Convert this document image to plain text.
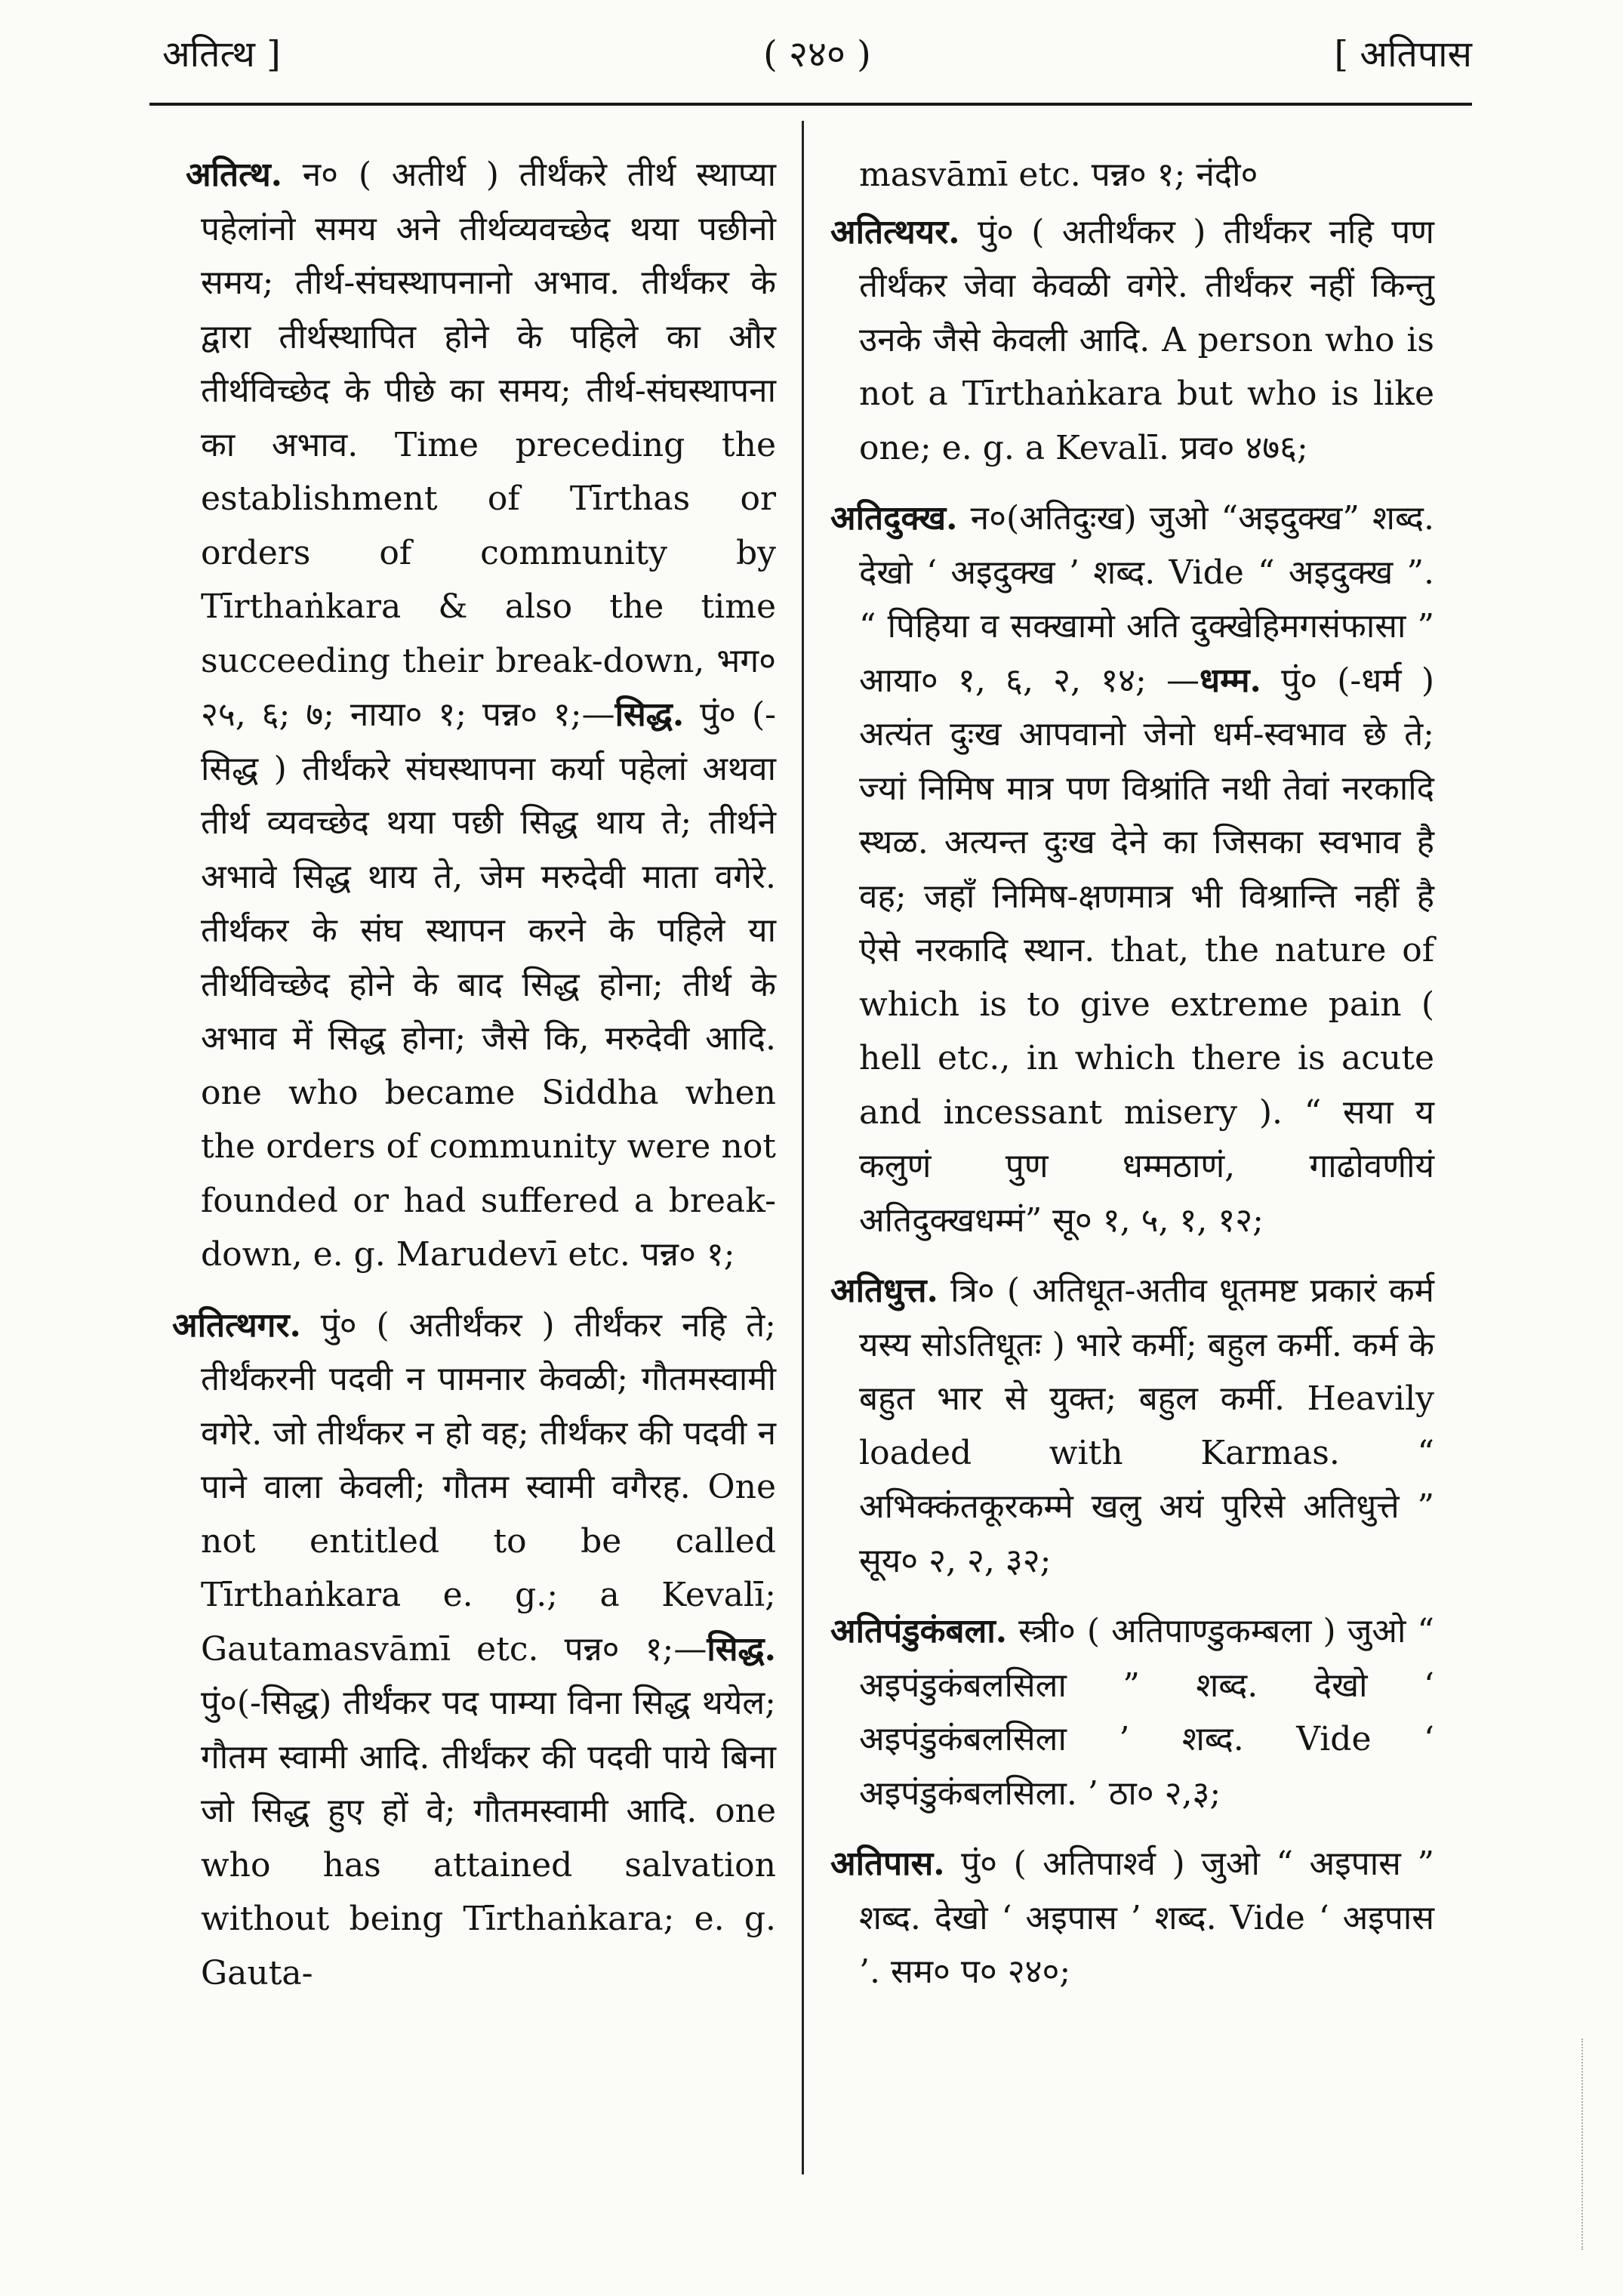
अतित्थ ]	( २४० )	[ अतिपास

अतित्थ. न० ( अतीर्थ ) तीर्थंकरे तीर्थ स्थाप्या पहेलांनो समय अने तीर्थव्यवच्छेद थया पछीनो समय; तीर्थ-संघस्थापनानो अभाव. तीर्थंकर के द्वारा तीर्थस्थापित होने के पहिले का और तीर्थविच्छेद के पीछे का समय; तीर्थ-संघस्थापना का अभाव. Time preceding the establishment of Tīrthas or orders of community by Tīrthaṅkara & also the time succeeding their break-down, भग० २५, ६; ७; नाया० १; पन्न० १;—सिद्ध. पुं० (-सिद्ध ) तीर्थंकरे संघस्थापना कर्या पहेलां अथवा तीर्थ व्यवच्छेद थया पछी सिद्ध थाय ते; तीर्थने अभावे सिद्ध थाय ते, जेम मरुदेवी माता वगेरे. तीर्थंकर के संघ स्थापन करने के पहिले या तीर्थविच्छेद होने के बाद सिद्ध होना; तीर्थ के अभाव में सिद्ध होना; जैसे कि, मरुदेवी आदि. one who became Siddha when the orders of community were not founded or had suffered a break-down, e. g. Marudevī etc. पन्न० १;

अतित्थगर. पुं० ( अतीर्थंकर ) तीर्थंकर नहि ते; तीर्थंकरनी पदवी न पामनार केवळी; गौतमस्वामी वगेरे. जो तीर्थंकर न हो वह; तीर्थंकर की पदवी न पाने वाला केवली; गौतम स्वामी वगैरह. One not entitled to be called Tīrthaṅkara e. g.; a Kevalī; Gautamasvāmī etc. पन्न० १;—सिद्ध. पुं०(-सिद्ध) तीर्थंकर पद पाम्या विना सिद्ध थयेल; गौतम स्वामी आदि. तीर्थंकर की पदवी पाये बिना जो सिद्ध हुए हों वे; गौतमस्वामी आदि. one who has attained salvation without being Tīrthaṅkara; e. g. Gauta-

masvāmī etc. पन्न० १; नंदी०

अतित्थयर. पुं० ( अतीर्थंकर ) तीर्थंकर नहि पण तीर्थंकर जेवा केवळी वगेरे. तीर्थंकर नहीं किन्तु उनके जैसे केवली आदि. A person who is not a Tīrthaṅkara but who is like one; e. g. a Kevalī. प्रव० ४७६;

अतिदुक्ख. न०(अतिदुःख) जुओ “अइदुक्ख” शब्द. देखो ‘ अइदुक्ख ’ शब्द. Vide “ अइदुक्ख ”. “ पिहिया व सक्खामो अति दुक्खेहिमगसंफासा ” आया० १, ६, २, १४; —धम्म. पुं० (-धर्म ) अत्यंत दुःख आपवानो जेनो धर्म-स्वभाव छे ते; ज्यां निमिष मात्र पण विश्रांति नथी तेवां नरकादि स्थळ. अत्यन्त दुःख देने का जिसका स्वभाव है वह; जहाँ निमिष-क्षणमात्र भी विश्रान्ति नहीं है ऐसे नरकादि स्थान. that, the nature of which is to give extreme pain ( hell etc., in which there is acute and incessant misery ). “ सया य कलुणं पुण धम्मठाणं, गाढोवणीयं अतिदुक्खधम्मं” सू० १, ५, १, १२;

अतिधुत्त. त्रि० ( अतिधूत-अतीव धूतमष्ट प्रकारं कर्म यस्य सोऽतिधूतः ) भारे कर्मी; बहुल कर्मी. कर्म के बहुत भार से युक्त; बहुल कर्मी. Heavily loaded with Karmas. “ अभिक्कंतकूरकम्मे खलु अयं पुरिसे अतिधुत्ते ” सूय० २, २, ३२;

अतिपंडुकंबला. स्त्री० ( अतिपाण्डुकम्बला ) जुओ “ अइपंडुकंबलसिला ” शब्द. देखो ‘ अइपंडुकंबलसिला ’ शब्द. Vide ‘ अइपंडुकंबलसिला. ’ ठा० २,३;

अतिपास. पुं० ( अतिपार्श्व ) जुओ “ अइपास ” शब्द. देखो ‘ अइपास ’ शब्द. Vide ‘ अइपास ’. सम० प० २४०;
